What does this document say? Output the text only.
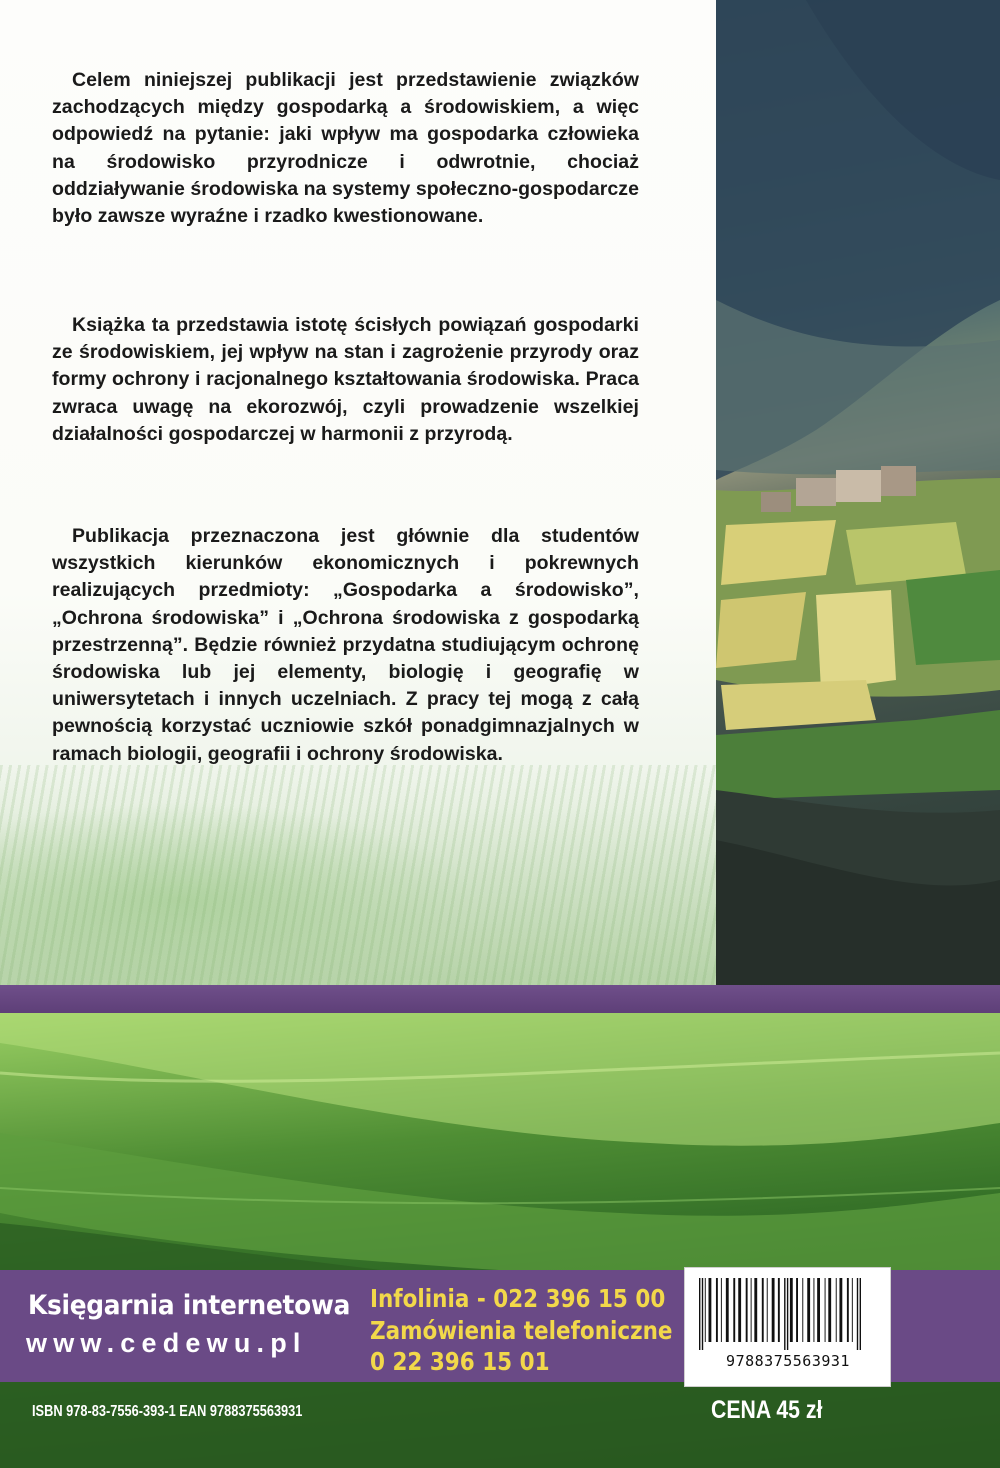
Celem niniejszej publikacji jest przedstawienie związków zachodzących między gospodarką a środowiskiem, a więc odpowiedź na pytanie: jaki wpływ ma gospodarka człowieka na środowisko przyrodnicze i odwrotnie, chociaż oddziaływanie środowiska na systemy społeczno-gospodarcze było zawsze wyraźne i rzadko kwestionowane.

Książka ta przedstawia istotę ścisłych powiązań gospodarki ze środowiskiem, jej wpływ na stan i zagrożenie przyrody oraz formy ochrony i racjonalnego kształtowania środowiska. Praca zwraca uwagę na ekorozwój, czyli prowadzenie wszelkiej działalności gospodarczej w harmonii z przyrodą.

Publikacja przeznaczona jest głównie dla studentów wszystkich kierunków ekonomicznych i pokrewnych realizujących przedmioty: „Gospodarka a środowisko”, „Ochrona środowiska” i „Ochrona środowiska z gospodarką przestrzenną”. Będzie również przydatna studiującym ochronę środowiska lub jej elementy, biologię i geografię w uniwersytetach i innych uczelniach. Z pracy tej mogą z całą pewnością korzystać uczniowie szkół ponadgimnazjalnych w ramach biologii, geografii i ochrony środowiska.

Księgarnia internetowa
www.cedewu.pl
Infolinia - 022 396 15 00
Zamówienia telefoniczne
0 22 396 15 01	9788375563931
ISBN 978-83-7556-393-1 EAN 9788375563931	CENA 45 zł
